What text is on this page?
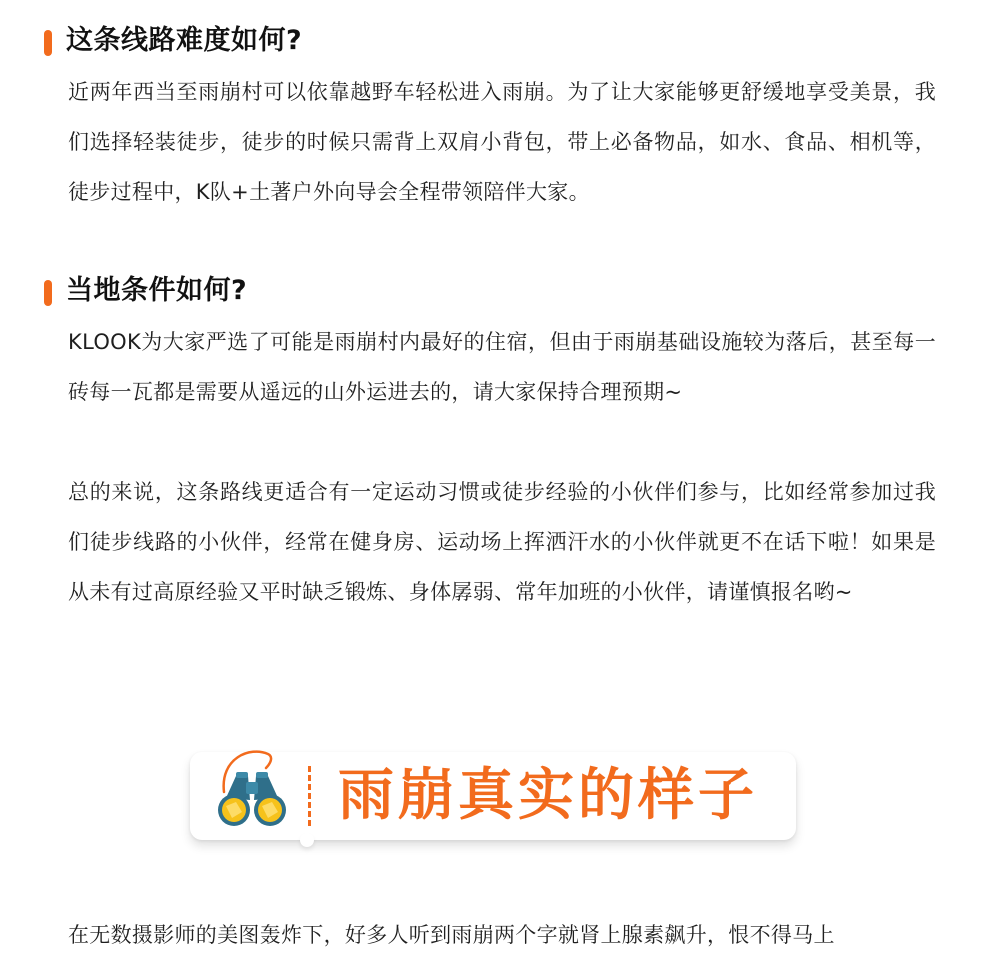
这条线路难度如何?

近两年西当至雨崩村可以依靠越野车轻松进入雨崩。为了让大家能够更舒缓地享受美景，我们选择轻装徒步，徒步的时候只需背上双肩小背包，带上必备物品，如水、食品、相机等，徒步过程中，K队+土著户外向导会全程带领陪伴大家。

当地条件如何?

KLOOK为大家严选了可能是雨崩村内最好的住宿，但由于雨崩基础设施较为落后，甚至每一砖每一瓦都是需要从遥远的山外运进去的，请大家保持合理预期~

总的来说，这条路线更适合有一定运动习惯或徒步经验的小伙伴们参与，比如经常参加过我们徒步线路的小伙伴，经常在健身房、运动场上挥洒汗水的小伙伴就更不在话下啦！如果是从未有过高原经验又平时缺乏锻炼、身体孱弱、常年加班的小伙伴，请谨慎报名哟~

雨崩真实的样子

在无数摄影师的美图轰炸下，好多人听到雨崩两个字就肾上腺素飙升，恨不得马上
